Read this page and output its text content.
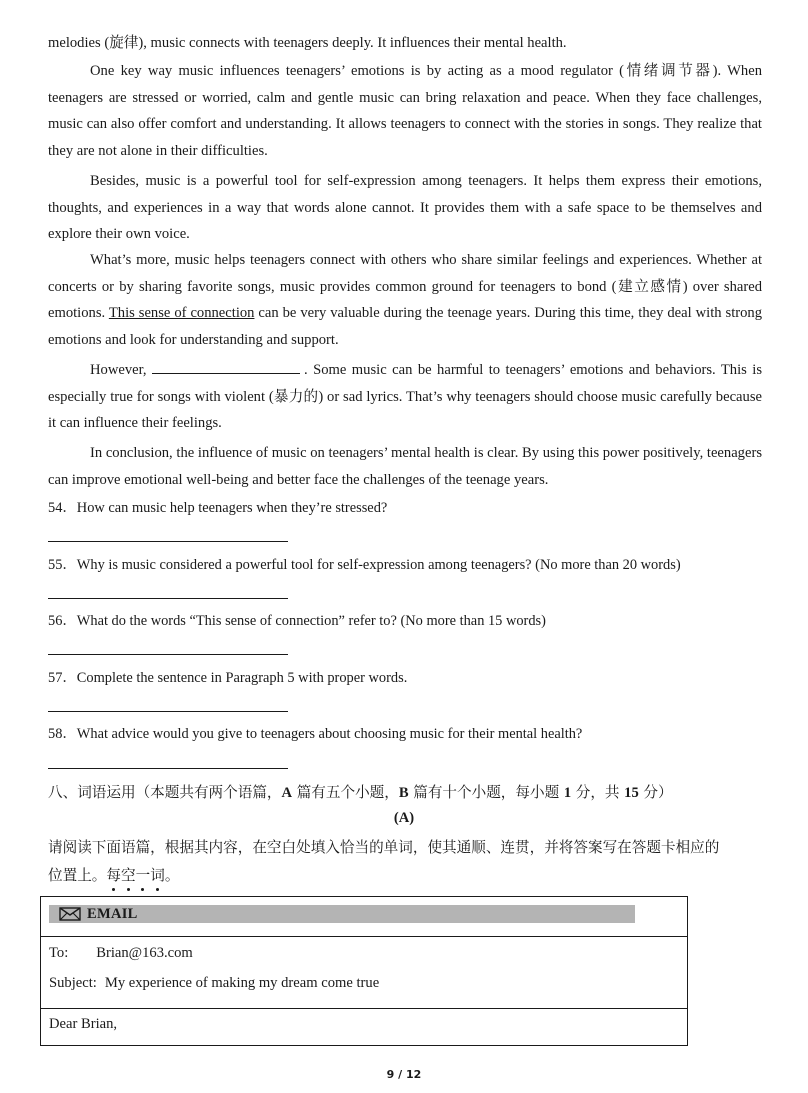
melodies (旋律), music connects with teenagers deeply. It influences their mental health.

One key way music influences teenagers’ emotions is by acting as a mood regulator (情绪调节器). When teenagers are stressed or worried, calm and gentle music can bring relaxation and peace. When they face challenges, music can also offer comfort and understanding. It allows teenagers to connect with the stories in songs. They realize that they are not alone in their difficulties.

Besides, music is a powerful tool for self-expression among teenagers. It helps them express their emotions, thoughts, and experiences in a way that words alone cannot. It provides them with a safe space to be themselves and explore their own voice.

What’s more, music helps teenagers connect with others who share similar feelings and experiences. Whether at concerts or by sharing favorite songs, music provides common ground for teenagers to bond (建立感情) over shared emotions. This sense of connection can be very valuable during the teenage years. During this time, they deal with strong emotions and look for understanding and support.

However,	. Some music can be harmful to teenagers’ emotions and behaviors. This is especially true for songs with violent (暴力的) or sad lyrics. That’s why teenagers should choose music carefully because it can influence their feelings.

In conclusion, the influence of music on teenagers’ mental health is clear. By using this power positively, teenagers can improve emotional well-being and better face the challenges of the teenage years.

54．How can music help teenagers when they’re stressed?
55．Why is music considered a powerful tool for self-expression among teenagers? (No more than 20 words)
56．What do the words “This sense of connection” refer to? (No more than 15 words)
57．Complete the sentence in Paragraph 5 with proper words.
58．What advice would you give to teenagers about choosing music for their mental health?
八、词语运用（本题共有两个语篇，A 篇有五个小题，B 篇有十个小题，每小题 1 分，共 15 分）
(A)
请阅读下面语篇，根据其内容，在空白处填入恰当的单词，使其通顺、连贯，并将答案写在答题卡相应的
位置上。每空一词。
EMAIL
To: Brian@163.com
Subject: My experience of making my dream come true
Dear Brian,
9 / 12
